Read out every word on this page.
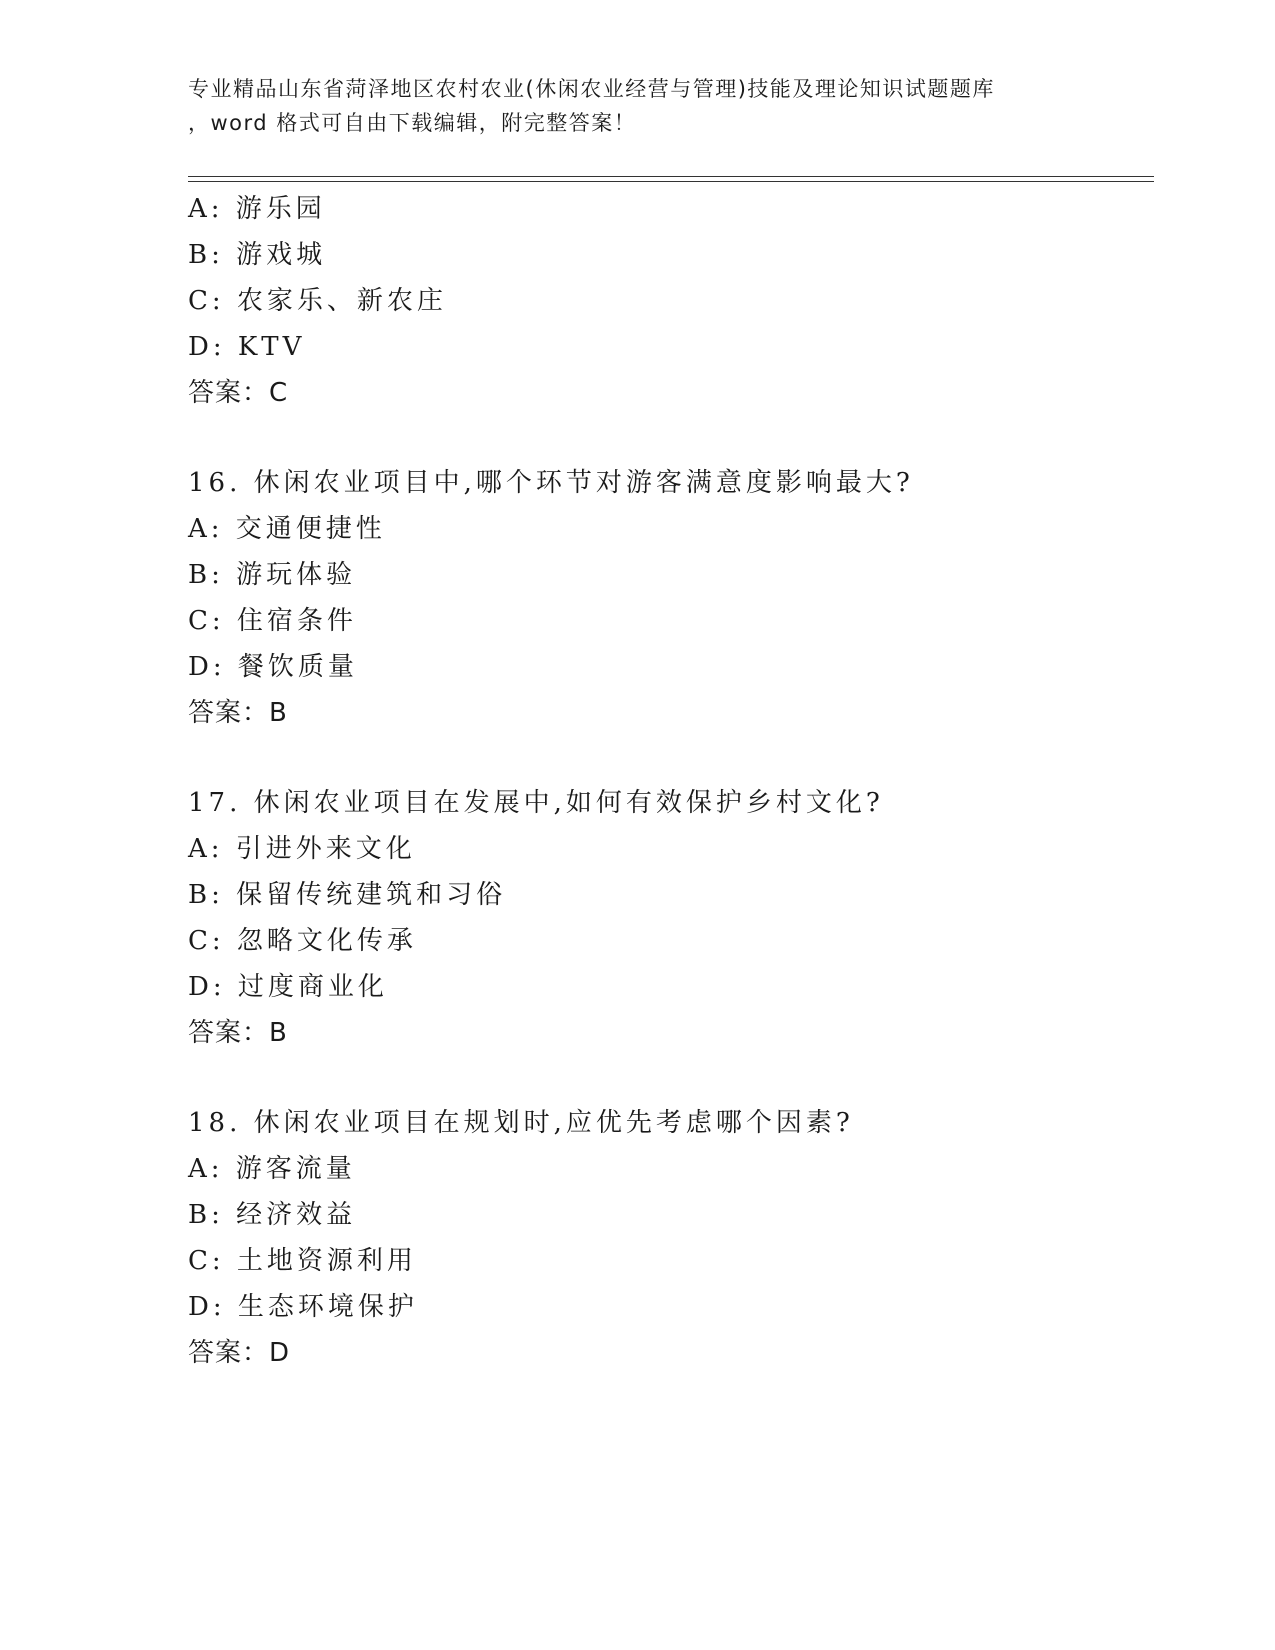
专业精品山东省菏泽地区农村农业(休闲农业经营与管理)技能及理论知识试题题库
，word 格式可自由下载编辑，附完整答案！
A: 游乐园
B: 游戏城
C: 农家乐、新农庄
D: KTV
答案：C
16. 休闲农业项目中,哪个环节对游客满意度影响最大?
A: 交通便捷性
B: 游玩体验
C: 住宿条件
D: 餐饮质量
答案：B
17. 休闲农业项目在发展中,如何有效保护乡村文化?
A: 引进外来文化
B: 保留传统建筑和习俗
C: 忽略文化传承
D: 过度商业化
答案：B
18. 休闲农业项目在规划时,应优先考虑哪个因素?
A: 游客流量
B: 经济效益
C: 土地资源利用
D: 生态环境保护
答案：D
